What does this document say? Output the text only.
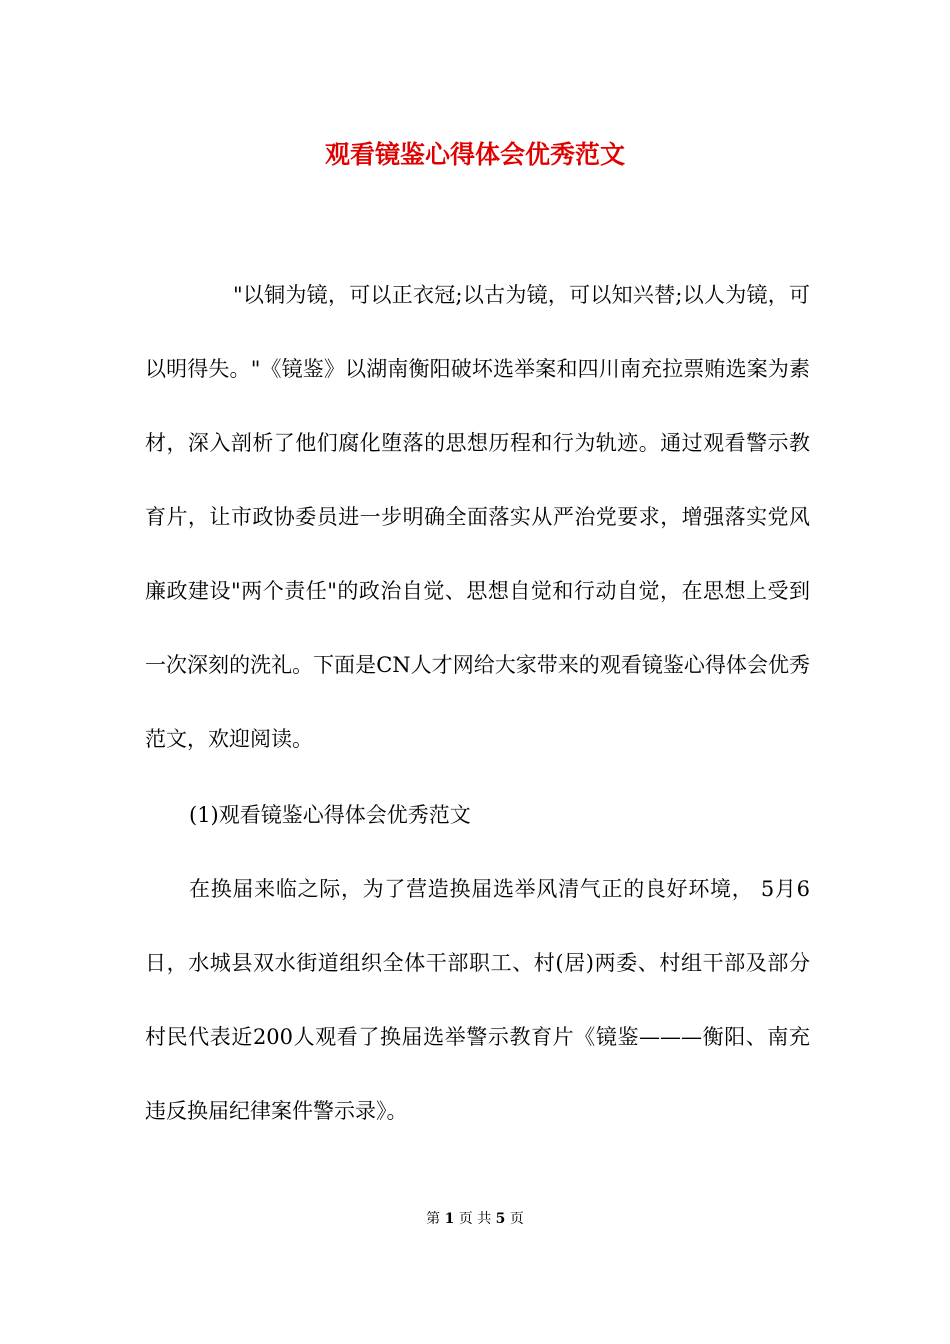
观看镜鉴心得体会优秀范文

"以铜为镜，可以正衣冠;以古为镜，可以知兴替;以人为镜，可以明得失。"《镜鉴》以湖南衡阳破坏选举案和四川南充拉票贿选案为素材，深入剖析了他们腐化堕落的思想历程和行为轨迹。通过观看警示教育片，让市政协委员进一步明确全面落实从严治党要求，增强落实党风廉政建设"两个责任"的政治自觉、思想自觉和行动自觉，在思想上受到一次深刻的洗礼。下面是CN人才网给大家带来的观看镜鉴心得体会优秀范文，欢迎阅读。

(1)观看镜鉴心得体会优秀范文

在换届来临之际，为了营造换届选举风清气正的良好环境， 5月6日，水城县双水街道组织全体干部职工、村(居)两委、村组干部及部分村民代表近200人观看了换届选举警示教育片《镜鉴———衡阳、南充违反换届纪律案件警示录》。

第 1 页 共 5 页
